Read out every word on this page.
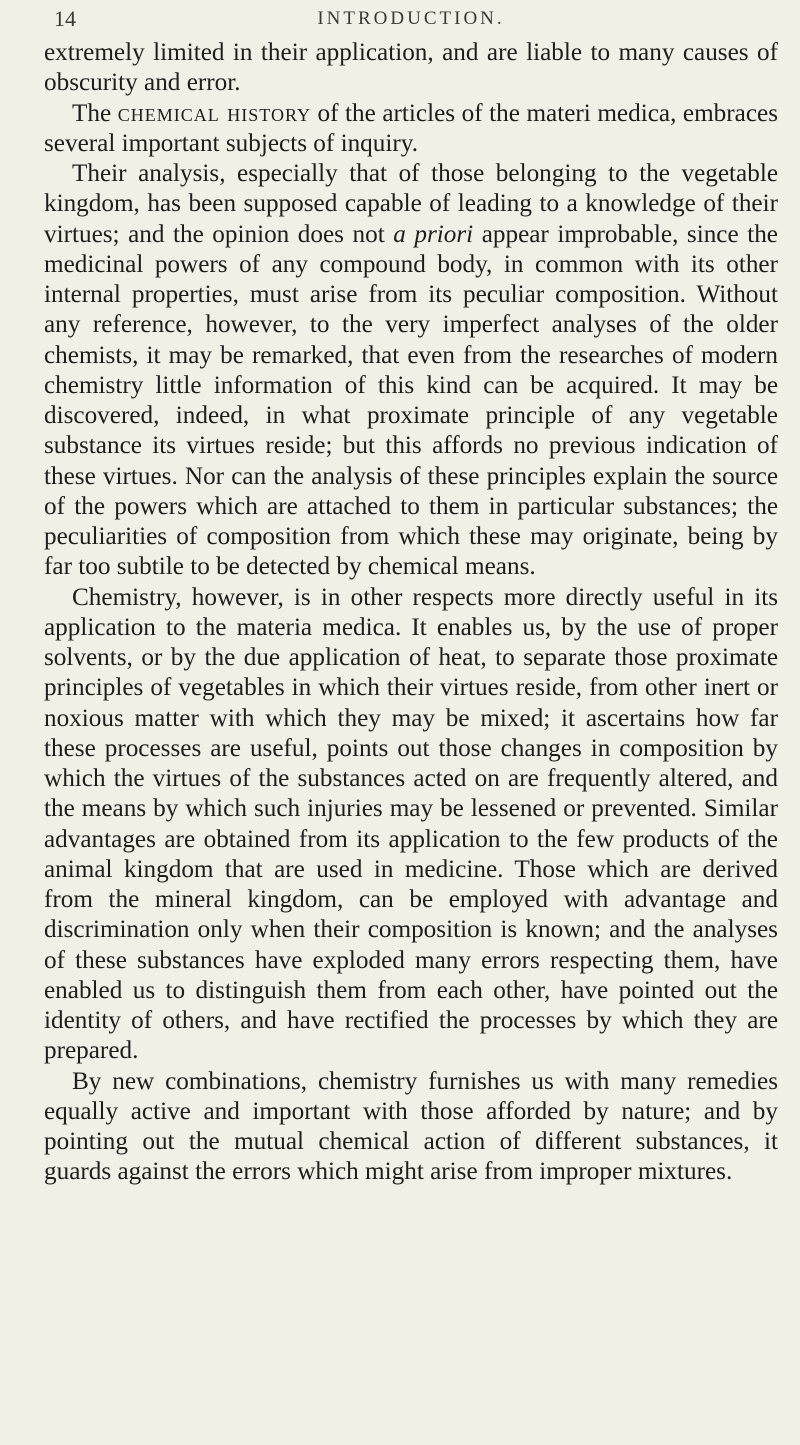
14	INTRODUCTION.

extremely limited in their application, and are liable to many causes of obscurity and error.

The chemical history of the articles of the materi medica, embraces several important subjects of inquiry.

Their analysis, especially that of those belonging to the vegetable kingdom, has been supposed capable of leading to a knowledge of their virtues; and the opinion does not a priori appear improbable, since the medicinal powers of any compound body, in common with its other internal properties, must arise from its peculiar composition. Without any reference, however, to the very imperfect analyses of the older chemists, it may be remarked, that even from the researches of modern chemistry little information of this kind can be acquired. It may be discovered, indeed, in what proximate principle of any vegetable substance its virtues reside; but this affords no previous indication of these virtues. Nor can the analysis of these principles explain the source of the powers which are attached to them in particular substances; the peculiarities of composition from which these may originate, being by far too subtile to be detected by chemical means.

Chemistry, however, is in other respects more directly useful in its application to the materia medica. It enables us, by the use of proper solvents, or by the due application of heat, to separate those proximate principles of vegetables in which their virtues reside, from other inert or noxious matter with which they may be mixed; it ascertains how far these processes are useful, points out those changes in composition by which the virtues of the substances acted on are frequently altered, and the means by which such injuries may be lessened or prevented. Similar advantages are obtained from its application to the few products of the animal kingdom that are used in medicine. Those which are derived from the mineral kingdom, can be employed with advantage and discrimination only when their composition is known; and the analyses of these substances have exploded many errors respecting them, have enabled us to distinguish them from each other, have pointed out the identity of others, and have rectified the processes by which they are prepared.

By new combinations, chemistry furnishes us with many remedies equally active and important with those afforded by nature; and by pointing out the mutual chemical action of different substances, it guards against the errors which might arise from improper mixtures.
